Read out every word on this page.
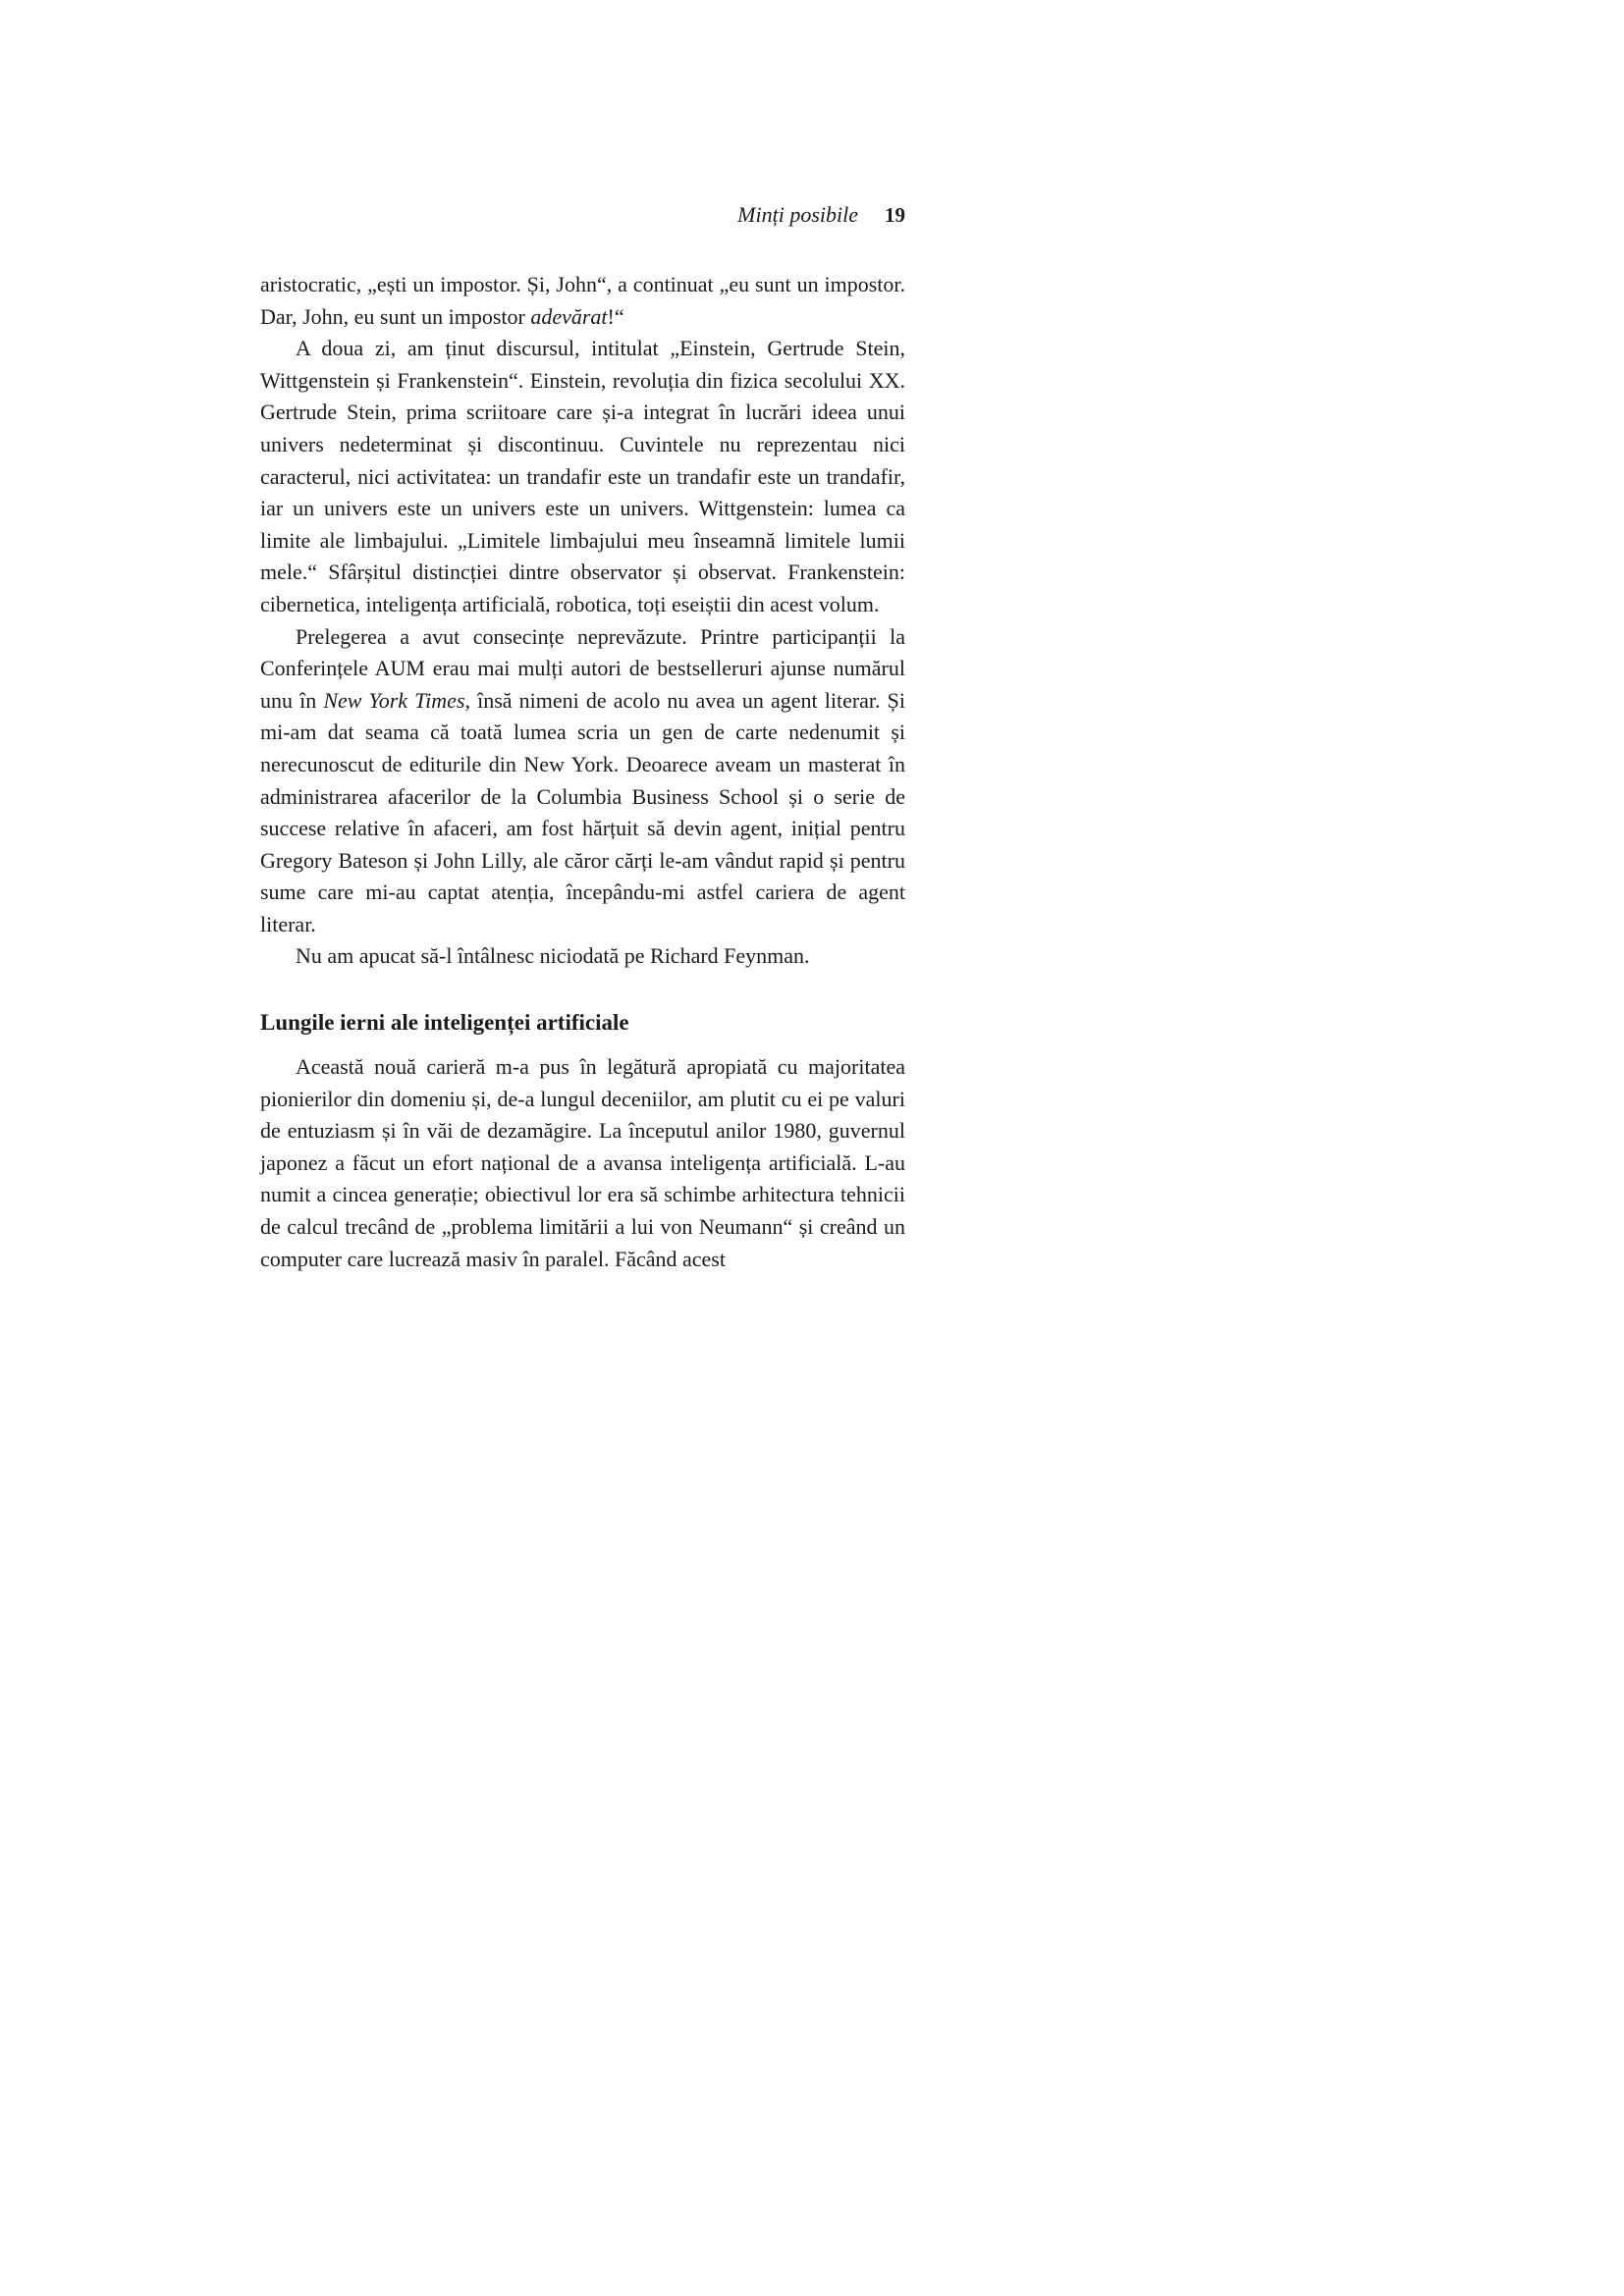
Minți posibile 19

aristocratic, „ești un impostor. Și, John“, a continuat „eu sunt un impostor. Dar, John, eu sunt un impostor adevărat!“

A doua zi, am ținut discursul, intitulat „Einstein, Gertrude Stein, Wittgenstein și Frankenstein“. Einstein, revoluția din fizica secolului XX. Gertrude Stein, prima scriitoare care și-a integrat în lucrări ideea unui univers nedeterminat și discontinuu. Cuvintele nu reprezentau nici caracterul, nici activitatea: un trandafir este un trandafir este un trandafir, iar un univers este un univers este un univers. Wittgenstein: lumea ca limite ale limbajului. „Limitele limbajului meu înseamnă limitele lumii mele.“ Sfârșitul distincției dintre observator și observat. Frankenstein: cibernetica, inteligența artificială, robotica, toți eseiștii din acest volum.

Prelegerea a avut consecințe neprevăzute. Printre participanții la Conferințele AUM erau mai mulți autori de bestselleruri ajunse numărul unu în New York Times, însă nimeni de acolo nu avea un agent literar. Și mi-am dat seama că toată lumea scria un gen de carte nedenumit și nerecunoscut de editurile din New York. Deoarece aveam un masterat în administrarea afacerilor de la Columbia Business School și o serie de succese relative în afaceri, am fost hărțuit să devin agent, inițial pentru Gregory Bateson și John Lilly, ale căror cărți le-am vândut rapid și pentru sume care mi-au captat atenția, începându-mi astfel cariera de agent literar.

Nu am apucat să-l întâlnesc niciodată pe Richard Feynman.

Lungile ierni ale inteligenței artificiale

Această nouă carieră m-a pus în legătură apropiată cu majoritatea pionierilor din domeniu și, de-a lungul deceniilor, am plutit cu ei pe valuri de entuziasm și în văi de dezamăgire. La începutul anilor 1980, guvernul japonez a făcut un efort național de a avansa inteligența artificială. L-au numit a cincea generație; obiectivul lor era să schimbe arhitectura tehnicii de calcul trecând de „problema limitării a lui von Neumann“ și creând un computer care lucrează masiv în paralel. Făcând acest
